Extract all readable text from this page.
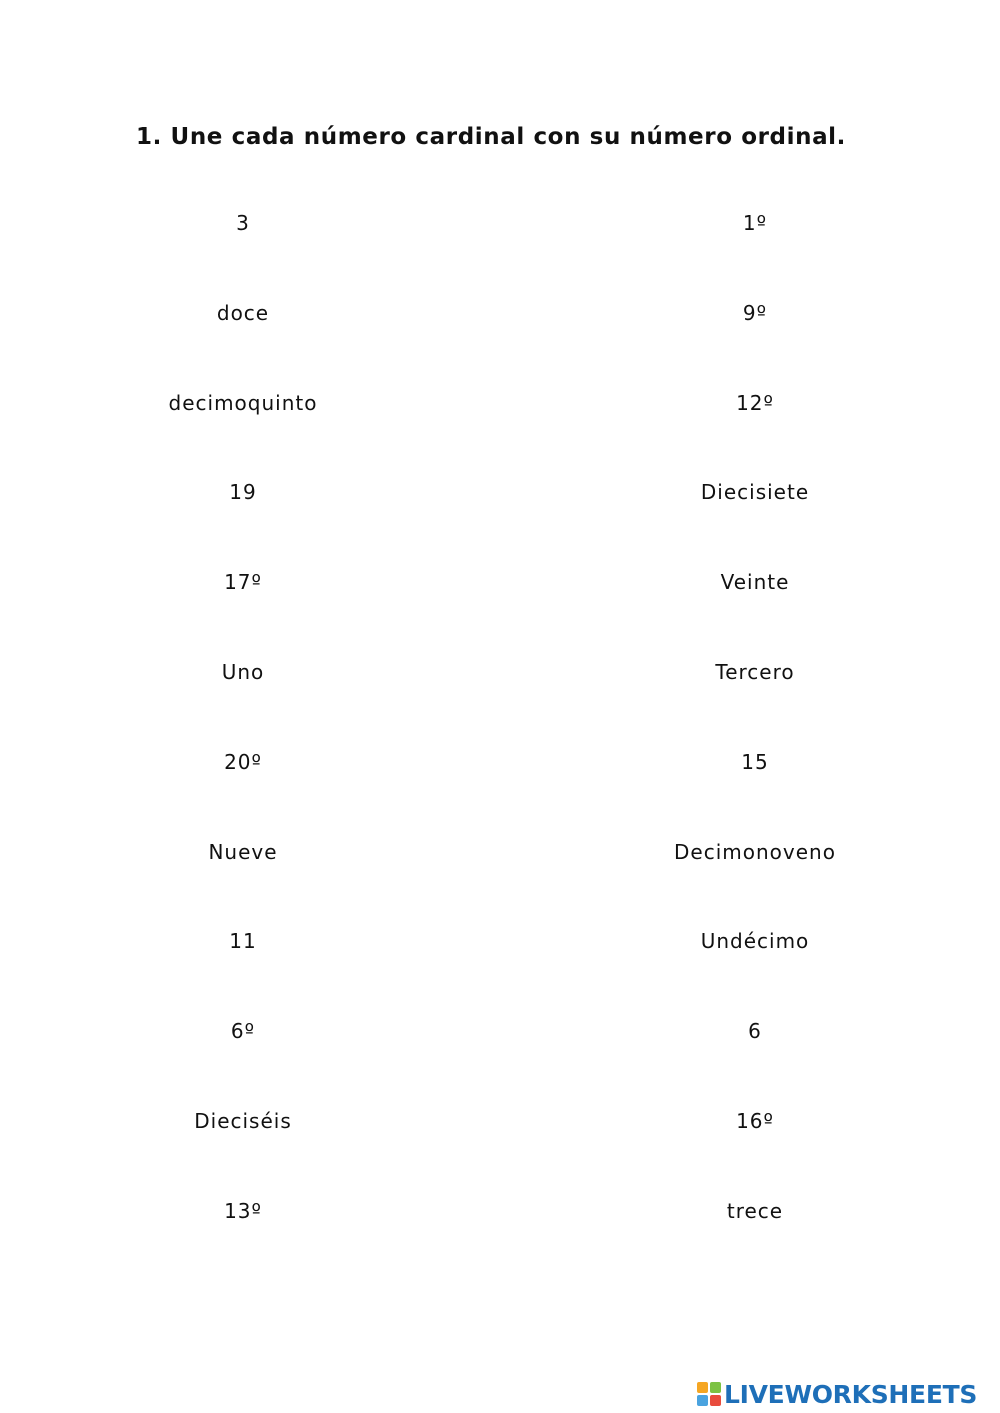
1. Une cada número cardinal con su número ordinal.
3
doce
decimoquinto
19
17º
Uno
20º
Nueve
11
6º
Dieciséis
13º
1º
9º
12º
Diecisiete
Veinte
Tercero
15
Decimonoveno
Undécimo
6
16º
trece
LIVEWORKSHEETS
